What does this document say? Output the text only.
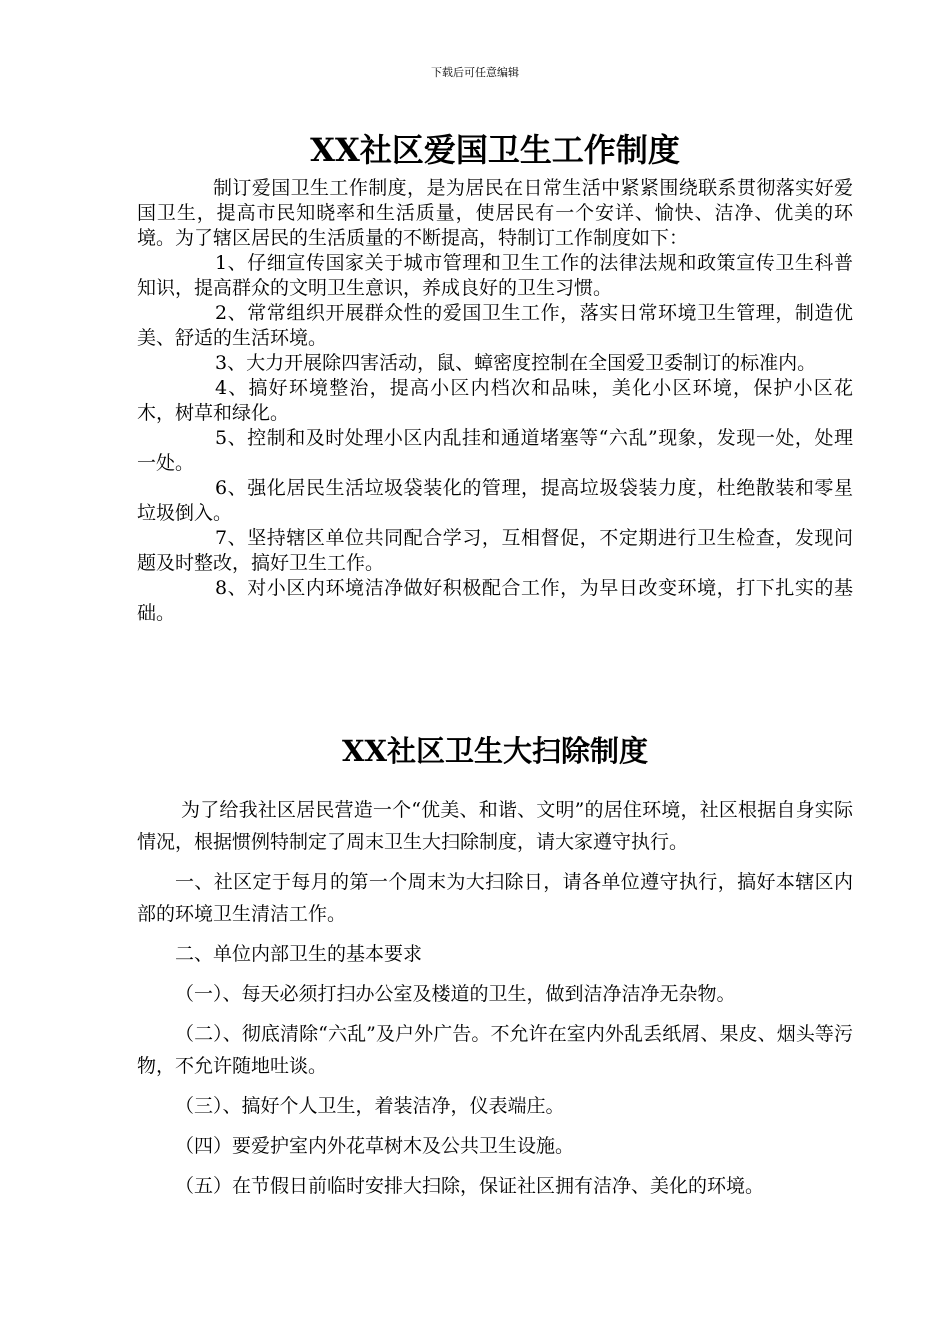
下载后可任意编辑
XX社区爱国卫生工作制度

制订爱国卫生工作制度，是为居民在日常生活中紧紧围绕联系贯彻落实好爱国卫生，提高市民知晓率和生活质量，使居民有一个安详、愉快、洁净、优美的环境。为了辖区居民的生活质量的不断提高，特制订工作制度如下：

1、仔细宣传国家关于城市管理和卫生工作的法律法规和政策宣传卫生科普知识，提高群众的文明卫生意识，养成良好的卫生习惯。

2、常常组织开展群众性的爱国卫生工作，落实日常环境卫生管理，制造优美、舒适的生活环境。

3、大力开展除四害活动，鼠、蟑密度控制在全国爱卫委制订的标准内。

4、搞好环境整治，提高小区内档次和品味，美化小区环境，保护小区花木，树草和绿化。

5、控制和及时处理小区内乱挂和通道堵塞等“六乱”现象，发现一处，处理一处。

6、强化居民生活垃圾袋装化的管理，提高垃圾袋装力度，杜绝散装和零星垃圾倒入。

7、坚持辖区单位共同配合学习，互相督促，不定期进行卫生检查，发现问题及时整改，搞好卫生工作。

8、对小区内环境洁净做好积极配合工作，为早日改变环境，打下扎实的基础。

XX社区卫生大扫除制度

为了给我社区居民营造一个“优美、和谐、文明”的居住环境，社区根据自身实际情况，根据惯例特制定了周末卫生大扫除制度，请大家遵守执行。

一、社区定于每月的第一个周末为大扫除日，请各单位遵守执行，搞好本辖区内部的环境卫生清洁工作。

二、单位内部卫生的基本要求

（一）、每天必须打扫办公室及楼道的卫生，做到洁净洁净无杂物。

（二）、彻底清除“六乱”及户外广告。不允许在室内外乱丢纸屑、果皮、烟头等污物，不允许随地吐谈。

（三）、搞好个人卫生，着装洁净，仪表端庄。

（四）要爱护室内外花草树木及公共卫生设施。

（五）在节假日前临时安排大扫除，保证社区拥有洁净、美化的环境。
